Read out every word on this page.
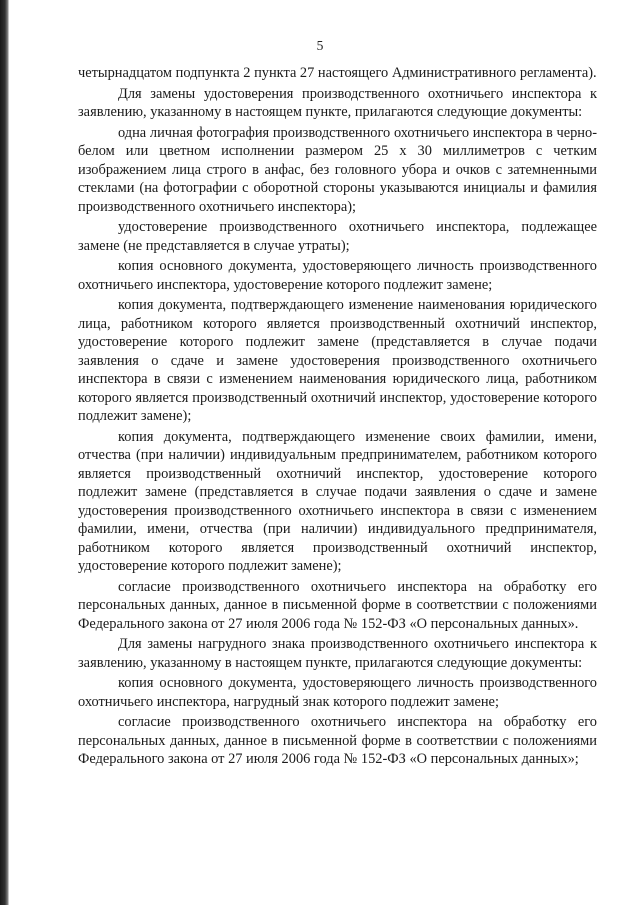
5

четырнадцатом подпункта 2 пункта 27 настоящего Административного регламента).

Для замены удостоверения производственного охотничьего инспектора к заявлению, указанному в настоящем пункте, прилагаются следующие документы:

одна личная фотография производственного охотничьего инспектора в черно-белом или цветном исполнении размером 25 х 30 миллиметров с четким изображением лица строго в анфас, без головного убора и очков с затемненными стеклами (на фотографии с оборотной стороны указываются инициалы и фамилия производственного охотничьего инспектора);

удостоверение производственного охотничьего инспектора, подлежащее замене (не представляется в случае утраты);

копия основного документа, удостоверяющего личность производственного охотничьего инспектора, удостоверение которого подлежит замене;

копия документа, подтверждающего изменение наименования юридического лица, работником которого является производственный охотничий инспектор, удостоверение которого подлежит замене (представляется в случае подачи заявления о сдаче и замене удостоверения производственного охотничьего инспектора в связи с изменением наименования юридического лица, работником которого является производственный охотничий инспектор, удостоверение которого подлежит замене);

копия документа, подтверждающего изменение своих фамилии, имени, отчества (при наличии) индивидуальным предпринимателем, работником которого является производственный охотничий инспектор, удостоверение которого подлежит замене (представляется в случае подачи заявления о сдаче и замене удостоверения производственного охотничьего инспектора в связи с изменением фамилии, имени, отчества (при наличии) индивидуального предпринимателя, работником которого является производственный охотничий инспектор, удостоверение которого подлежит замене);

согласие производственного охотничьего инспектора на обработку его персональных данных, данное в письменной форме в соответствии с положениями Федерального закона от 27 июля 2006 года № 152-ФЗ «О персональных данных».

Для замены нагрудного знака производственного охотничьего инспектора к заявлению, указанному в настоящем пункте, прилагаются следующие документы:

копия основного документа, удостоверяющего личность производственного охотничьего инспектора, нагрудный знак которого подлежит замене;

согласие производственного охотничьего инспектора на обработку его персональных данных, данное в письменной форме в соответствии с положениями Федерального закона от 27 июля 2006 года № 152-ФЗ «О персональных данных»;
